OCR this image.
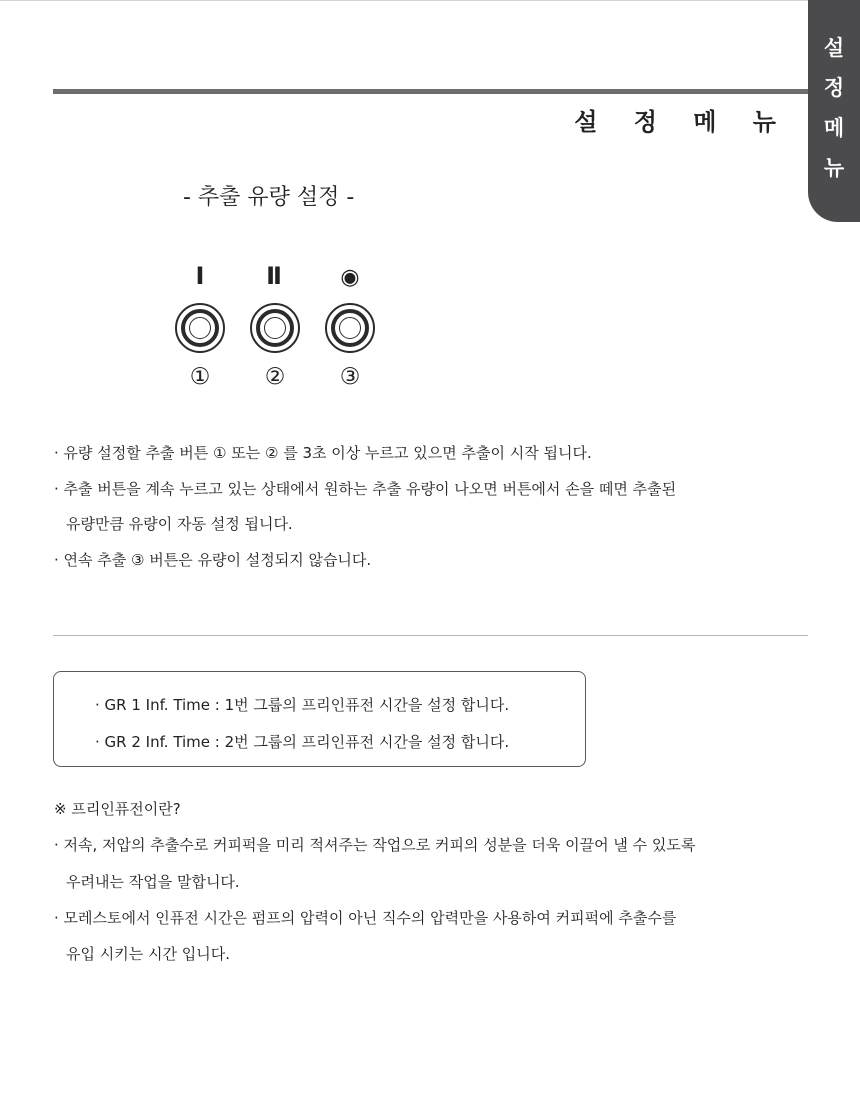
설
정
메
뉴
설 정 메 뉴
- 추출 유량 설정 -
Ⅰ	Ⅱ	◉
①	②	③
· 유량 설정할 추출 버튼 ① 또는 ② 를 3초 이상 누르고 있으면 추출이 시작 됩니다.
· 추출 버튼을 계속 누르고 있는 상태에서 원하는 추출 유량이 나오면 버튼에서 손을 떼면 추출된
유량만큼 유량이 자동 설정 됩니다.
· 연속 추출 ③ 버튼은 유량이 설정되지 않습니다.
· GR 1 Inf. Time : 1번 그룹의 프리인퓨전 시간을 설정 합니다.
· GR 2 Inf. Time : 2번 그룹의 프리인퓨전 시간을 설정 합니다.
※ 프리인퓨전이란?
· 저속, 저압의 추출수로 커피퍽을 미리 적셔주는 작업으로 커피의 성분을 더욱 이끌어 낼 수 있도록
우려내는 작업을 말합니다.
· 모레스토에서 인퓨전 시간은 펌프의 압력이 아닌 직수의 압력만을 사용하여 커피퍽에 추출수를
유입 시키는 시간 입니다.
